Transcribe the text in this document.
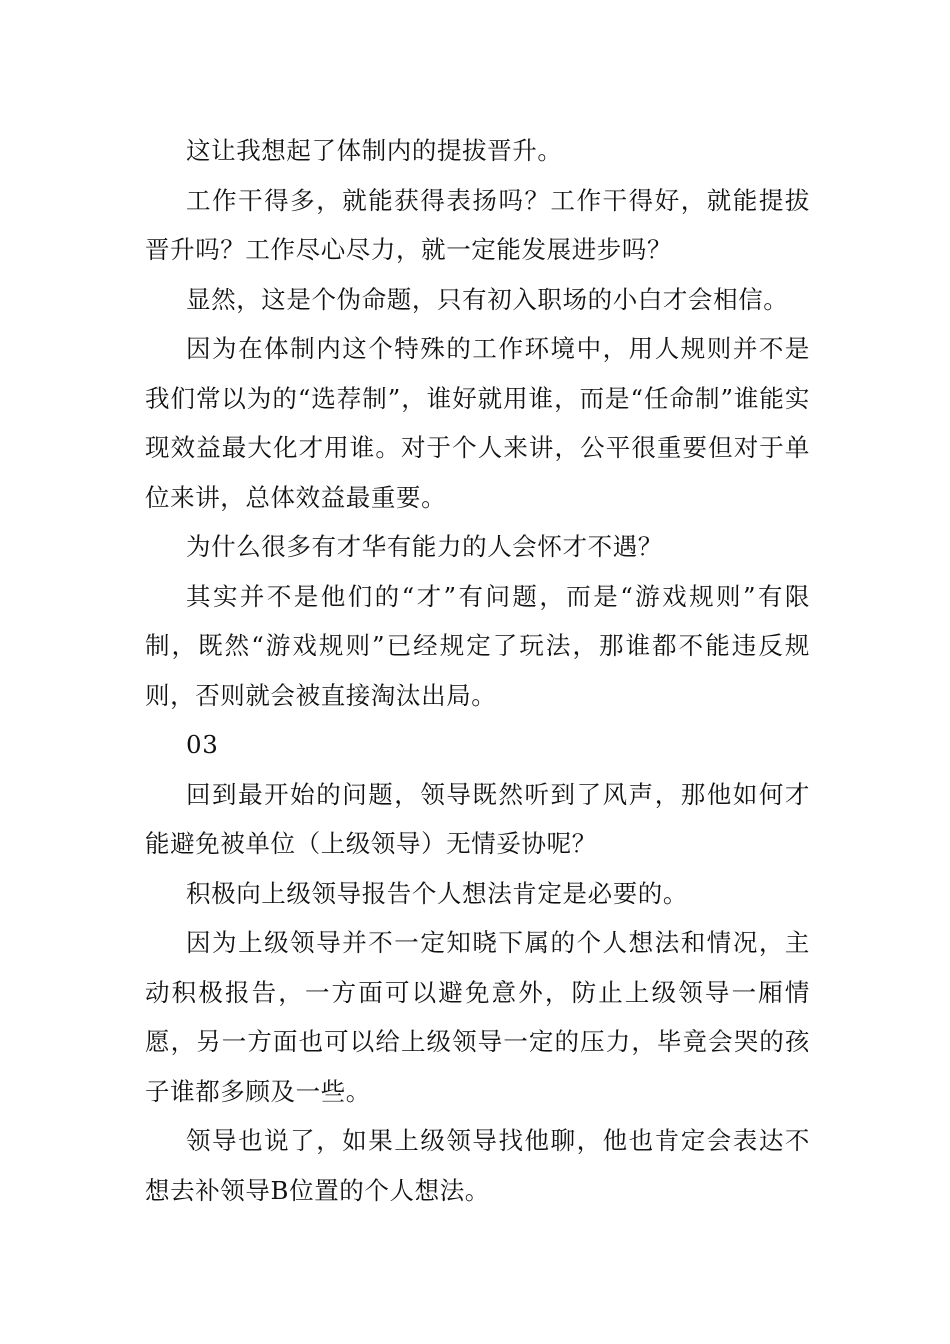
这让我想起了体制内的提拔晋升。

工作干得多，就能获得表扬吗？工作干得好，就能提拔晋升吗？工作尽心尽力，就一定能发展进步吗？

显然，这是个伪命题，只有初入职场的小白才会相信。

因为在体制内这个特殊的工作环境中，用人规则并不是我们常以为的“选荐制”，谁好就用谁，而是“任命制”谁能实现效益最大化才用谁。对于个人来讲，公平很重要但对于单位来讲，总体效益最重要。

为什么很多有才华有能力的人会怀才不遇？

其实并不是他们的“才”有问题，而是“游戏规则”有限制，既然“游戏规则”已经规定了玩法，那谁都不能违反规则，否则就会被直接淘汰出局。

03

回到最开始的问题，领导既然听到了风声，那他如何才能避免被单位（上级领导）无情妥协呢？

积极向上级领导报告个人想法肯定是必要的。

因为上级领导并不一定知晓下属的个人想法和情况，主动积极报告，一方面可以避免意外，防止上级领导一厢情愿，另一方面也可以给上级领导一定的压力，毕竟会哭的孩子谁都多顾及一些。

领导也说了，如果上级领导找他聊，他也肯定会表达不想去补领导B位置的个人想法。
